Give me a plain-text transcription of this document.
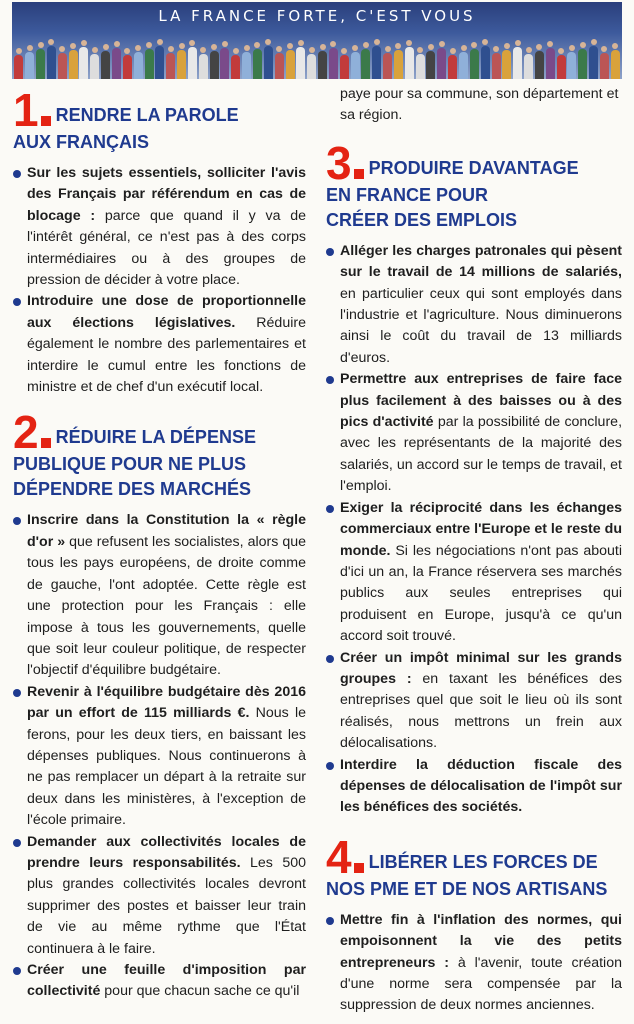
LA FRANCE FORTE, C'EST VOUS
1 RENDRE LA PAROLE
AUX FRANÇAIS
Sur les sujets essentiels, solliciter l'avis des Français par référendum en cas de blocage : parce que quand il y va de l'intérêt général, ce n'est pas à des corps intermédiaires ou à des groupes de pression de décider à votre place.
Introduire une dose de proportionnelle aux élections législatives. Réduire également le nombre des parlementaires et interdire le cumul entre les fonctions de ministre et de chef d'un exécutif local.
2 RÉDUIRE LA DÉPENSE
PUBLIQUE POUR NE PLUS
DÉPENDRE DES MARCHÉS
Inscrire dans la Constitution la « règle d'or » que refusent les socialistes, alors que tous les pays européens, de droite comme de gauche, l'ont adoptée. Cette règle est une protection pour les Français : elle impose à tous les gouvernements, quelle que soit leur couleur politique, de respecter l'objectif d'équilibre budgétaire.
Revenir à l'équilibre budgétaire dès 2016 par un effort de 115 milliards €. Nous le ferons, pour les deux tiers, en baissant les dépenses publiques. Nous continuerons à ne pas remplacer un départ à la retraite sur deux dans les ministères, à l'exception de l'école primaire.
Demander aux collectivités locales de prendre leurs responsabilités. Les 500 plus grandes collectivités locales devront supprimer des postes et baisser leur train de vie au même rythme que l'État continuera à le faire.
Créer une feuille d'imposition par collectivité pour que chacun sache ce qu'il
paye pour sa commune, son département et sa région.
3 PRODUIRE DAVANTAGE
EN FRANCE POUR
CRÉER DES EMPLOIS
Alléger les charges patronales qui pèsent sur le travail de 14 millions de salariés, en particulier ceux qui sont employés dans l'industrie et l'agriculture. Nous diminuerons ainsi le coût du travail de 13 milliards d'euros.
Permettre aux entreprises de faire face plus facilement à des baisses ou à des pics d'activité par la possibilité de conclure, avec les représentants de la majorité des salariés, un accord sur le temps de travail, et l'emploi.
Exiger la réciprocité dans les échanges commerciaux entre l'Europe et le reste du monde. Si les négociations n'ont pas abouti d'ici un an, la France réservera ses marchés publics aux seules entreprises qui produisent en Europe, jusqu'à ce qu'un accord soit trouvé.
Créer un impôt minimal sur les grands groupes : en taxant les bénéfices des entreprises quel que soit le lieu où ils sont réalisés, nous mettrons un frein aux délocalisations.
Interdire la déduction fiscale des dépenses de délocalisation de l'impôt sur les bénéfices des sociétés.
4 LIBÉRER LES FORCES DE
NOS PME ET DE NOS ARTISANS
Mettre fin à l'inflation des normes, qui empoisonnent la vie des petits entrepreneurs : à l'avenir, toute création d'une norme sera compensée par la suppression de deux normes anciennes.
